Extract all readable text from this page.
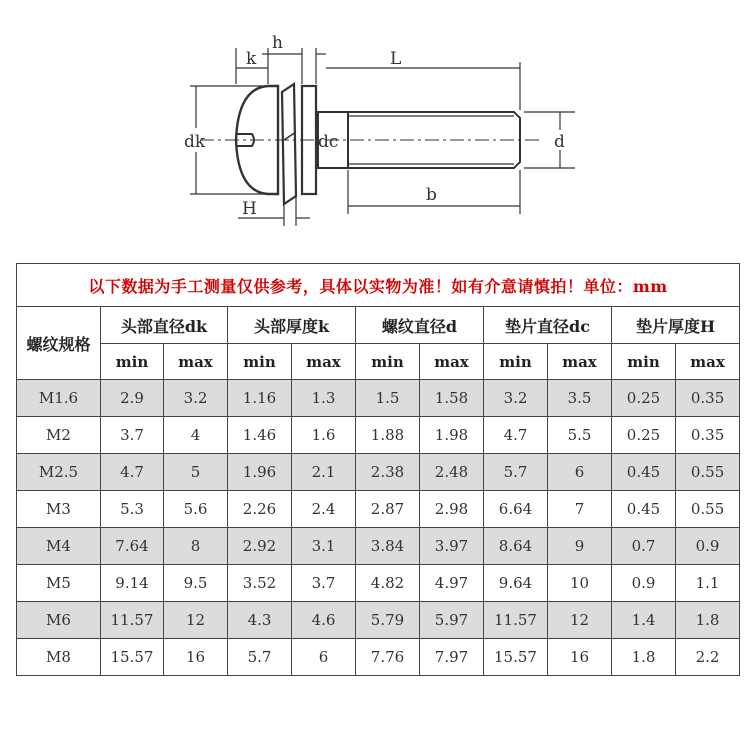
h
k	L
dk	dc	d
H
b
以下数据为手工测量仅供参考，具体以实物为准！如有介意请慎拍！单位：mm										
螺纹规格	头部直径dk		头部厚度k		螺纹直径d		垫片直径dc		垫片厚度H	
	min	max	min	max	min	max	min	max	min	max
M1.6	2.9	3.2	1.16	1.3	1.5	1.58	3.2	3.5	0.25	0.35
M2	3.7	4	1.46	1.6	1.88	1.98	4.7	5.5	0.25	0.35
M2.5	4.7	5	1.96	2.1	2.38	2.48	5.7	6	0.45	0.55
M3	5.3	5.6	2.26	2.4	2.87	2.98	6.64	7	0.45	0.55
M4	7.64	8	2.92	3.1	3.84	3.97	8.64	9	0.7	0.9
M5	9.14	9.5	3.52	3.7	4.82	4.97	9.64	10	0.9	1.1
M6	11.57	12	4.3	4.6	5.79	5.97	11.57	12	1.4	1.8
M8	15.57	16	5.7	6	7.76	7.97	15.57	16	1.8	2.2
